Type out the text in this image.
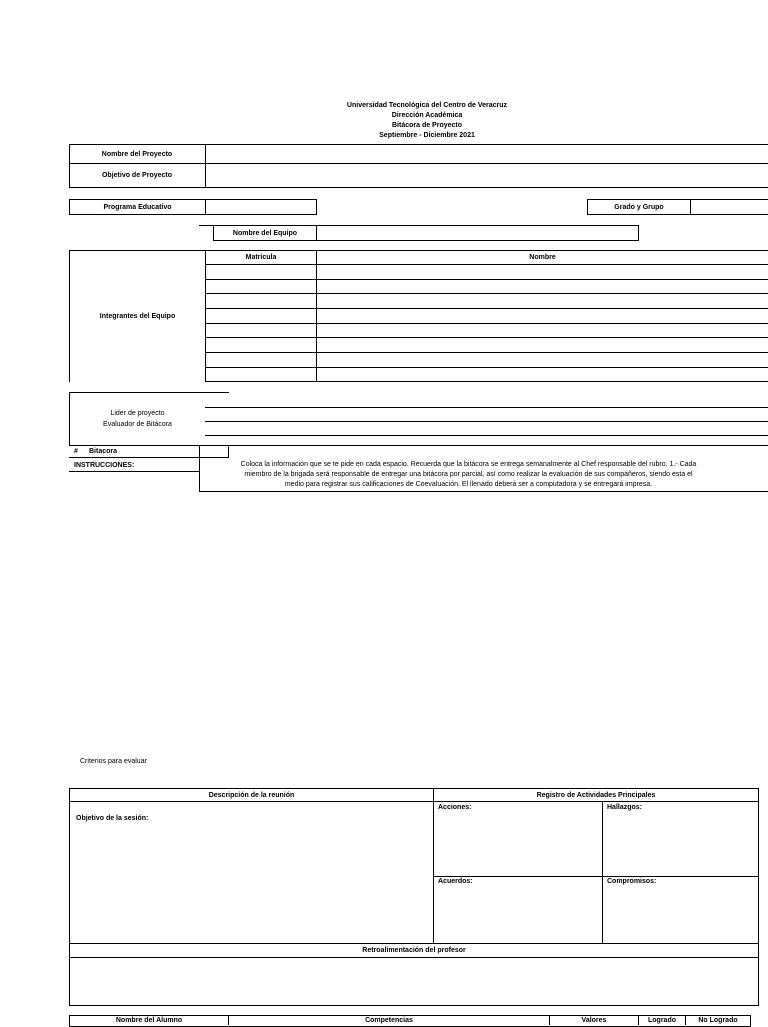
Universidad Tecnológica del Centro de Veracruz
Dirección Académica
Bitácora de Proyecto
Septiembre - Diciembre 2021
Nombre del Proyecto
Objetivo de Proyecto
Programa Educativo	Grado y Grupo
Nombre del Equipo
Integrantes del Equipo
Matricula	Nombre
Lider de proyecto
Evaluador de Bitácora
# Bitacora
INSTRUCCIONES:	Coloca la información que se te pide en cada espacio. Recuerda que la bitácora se entrega semanalmente al Chef responsable del rubro. 1.- Cada
miembro de la brigada será responsable de entregar una bitácora por parcial, así como realizar la evaluación de sus compañeros, siendo esta el
medio para registrar sus calificaciones de Coevaluación. El llenado deberá ser a computadora y se entregará impresa.
Criterios para evaluar
Descripción de la reunión	Registro de Actividades Principales
Objetivo de la sesión:
Acciones:	Hallazgos:
Acuerdos:	Compromisos:
Retroalimentación del profesor
Nombre del Alumno	Competencias	Valores	Logrado	No Logrado
